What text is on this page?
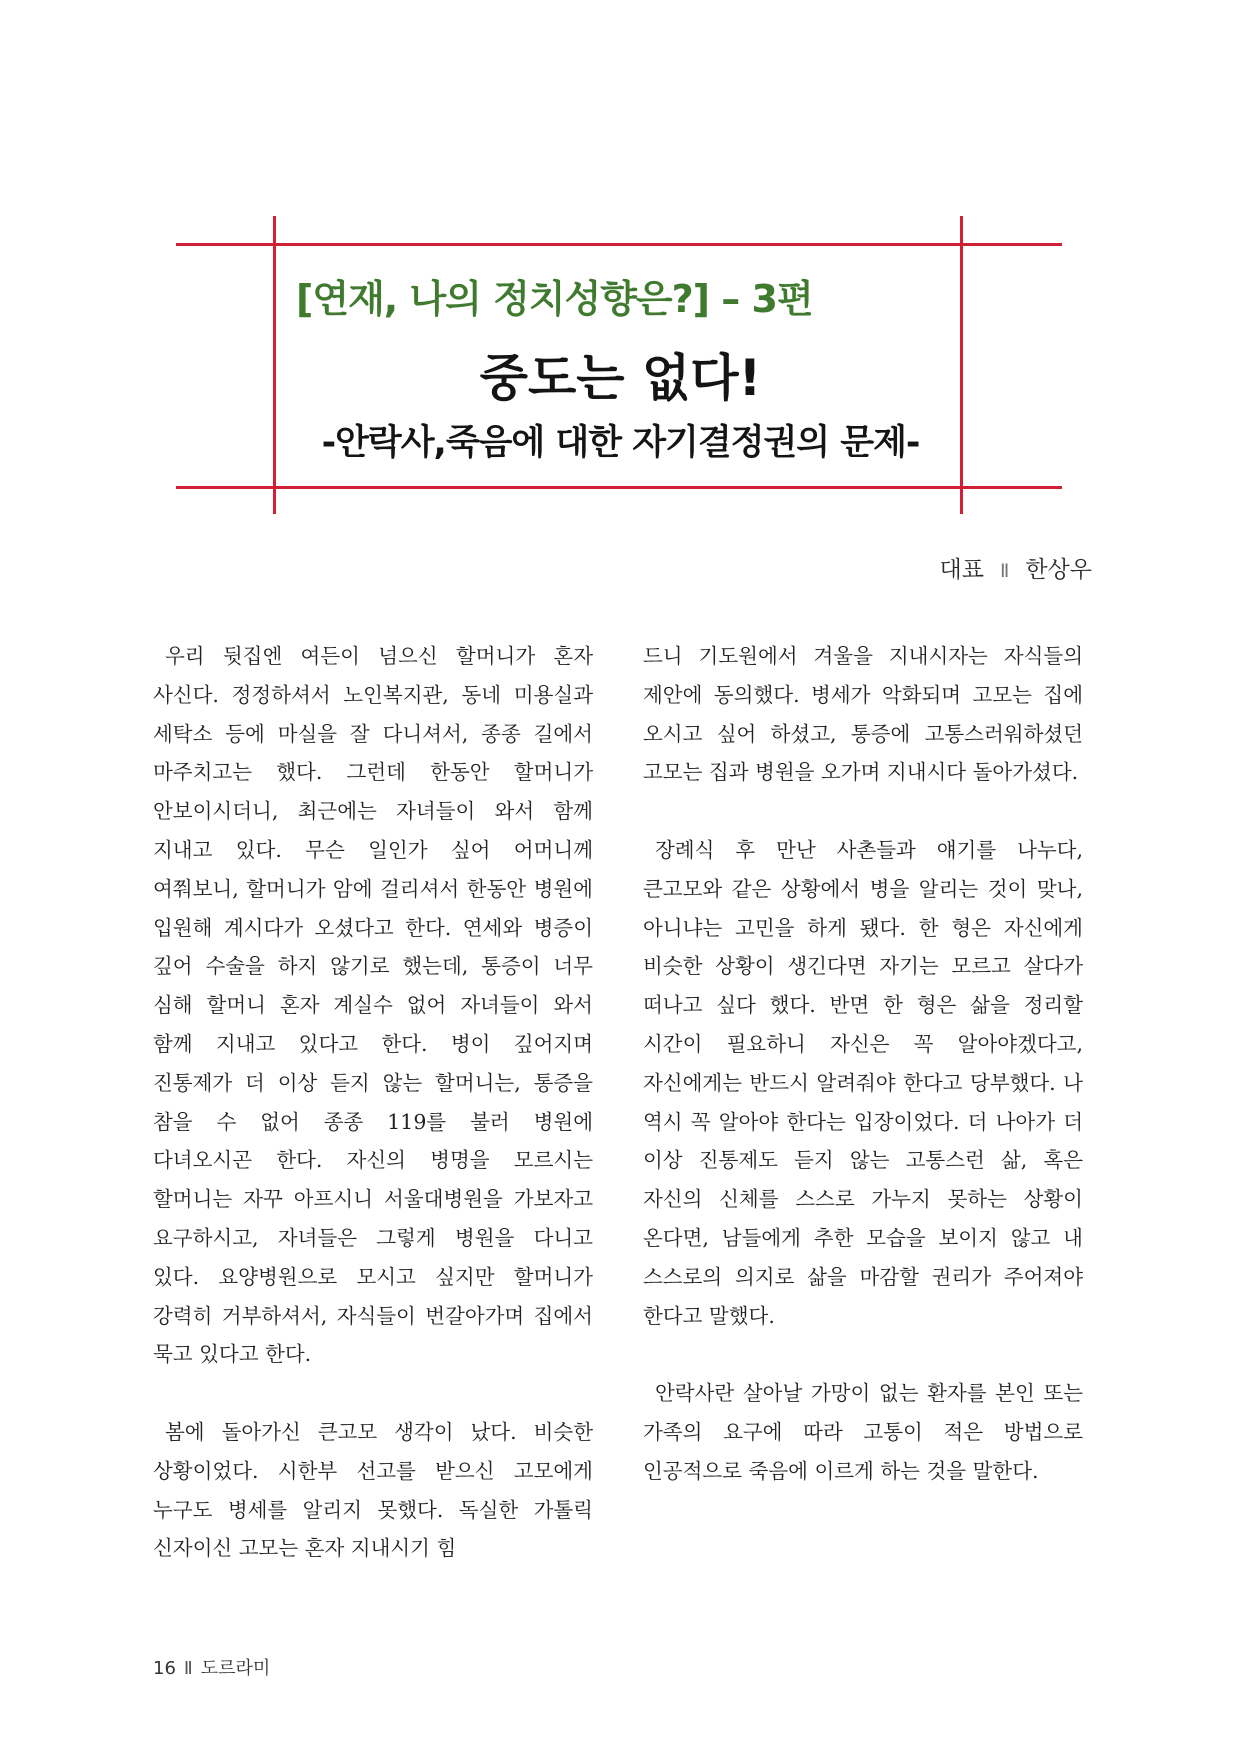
[연재, 나의 정치성향은?] – 3편
중도는 없다!
-안락사,죽음에 대한 자기결정권의 문제-
대표 Ⅱ 한상우

우리 뒷집엔 여든이 넘으신 할머니가 혼자 사신다. 정정하셔서 노인복지관, 동네 미용실과 세탁소 등에 마실을 잘 다니셔서, 종종 길에서 마주치고는 했다. 그런데 한동안 할머니가 안보이시더니, 최근에는 자녀들이 와서 함께 지내고 있다. 무슨 일인가 싶어 어머니께 여쭤보니, 할머니가 암에 걸리셔서 한동안 병원에 입원해 계시다가 오셨다고 한다. 연세와 병증이 깊어 수술을 하지 않기로 했는데, 통증이 너무 심해 할머니 혼자 계실수 없어 자녀들이 와서 함께 지내고 있다고 한다. 병이 깊어지며 진통제가 더 이상 듣지 않는 할머니는, 통증을 참을 수 없어 종종 119를 불러 병원에 다녀오시곤 한다. 자신의 병명을 모르시는 할머니는 자꾸 아프시니 서울대병원을 가보자고 요구하시고, 자녀들은 그렇게 병원을 다니고 있다. 요양병원으로 모시고 싶지만 할머니가 강력히 거부하셔서, 자식들이 번갈아가며 집에서 묵고 있다고 한다.

봄에 돌아가신 큰고모 생각이 났다. 비슷한 상황이었다. 시한부 선고를 받으신 고모에게 누구도 병세를 알리지 못했다. 독실한 가톨릭 신자이신 고모는 혼자 지내시기 힘

드니 기도원에서 겨울을 지내시자는 자식들의 제안에 동의했다. 병세가 악화되며 고모는 집에 오시고 싶어 하셨고, 통증에 고통스러워하셨던 고모는 집과 병원을 오가며 지내시다 돌아가셨다.

장례식 후 만난 사촌들과 얘기를 나누다, 큰고모와 같은 상황에서 병을 알리는 것이 맞나, 아니냐는 고민을 하게 됐다. 한 형은 자신에게 비슷한 상황이 생긴다면 자기는 모르고 살다가 떠나고 싶다 했다. 반면 한 형은 삶을 정리할 시간이 필요하니 자신은 꼭 알아야겠다고, 자신에게는 반드시 알려줘야 한다고 당부했다. 나 역시 꼭 알아야 한다는 입장이었다. 더 나아가 더 이상 진통제도 듣지 않는 고통스런 삶, 혹은 자신의 신체를 스스로 가누지 못하는 상황이 온다면, 남들에게 추한 모습을 보이지 않고 내 스스로의 의지로 삶을 마감할 권리가 주어져야 한다고 말했다.

안락사란 살아날 가망이 없는 환자를 본인 또는 가족의 요구에 따라 고통이 적은 방법으로 인공적으로 죽음에 이르게 하는 것을 말한다.

16 Ⅱ 도르라미
